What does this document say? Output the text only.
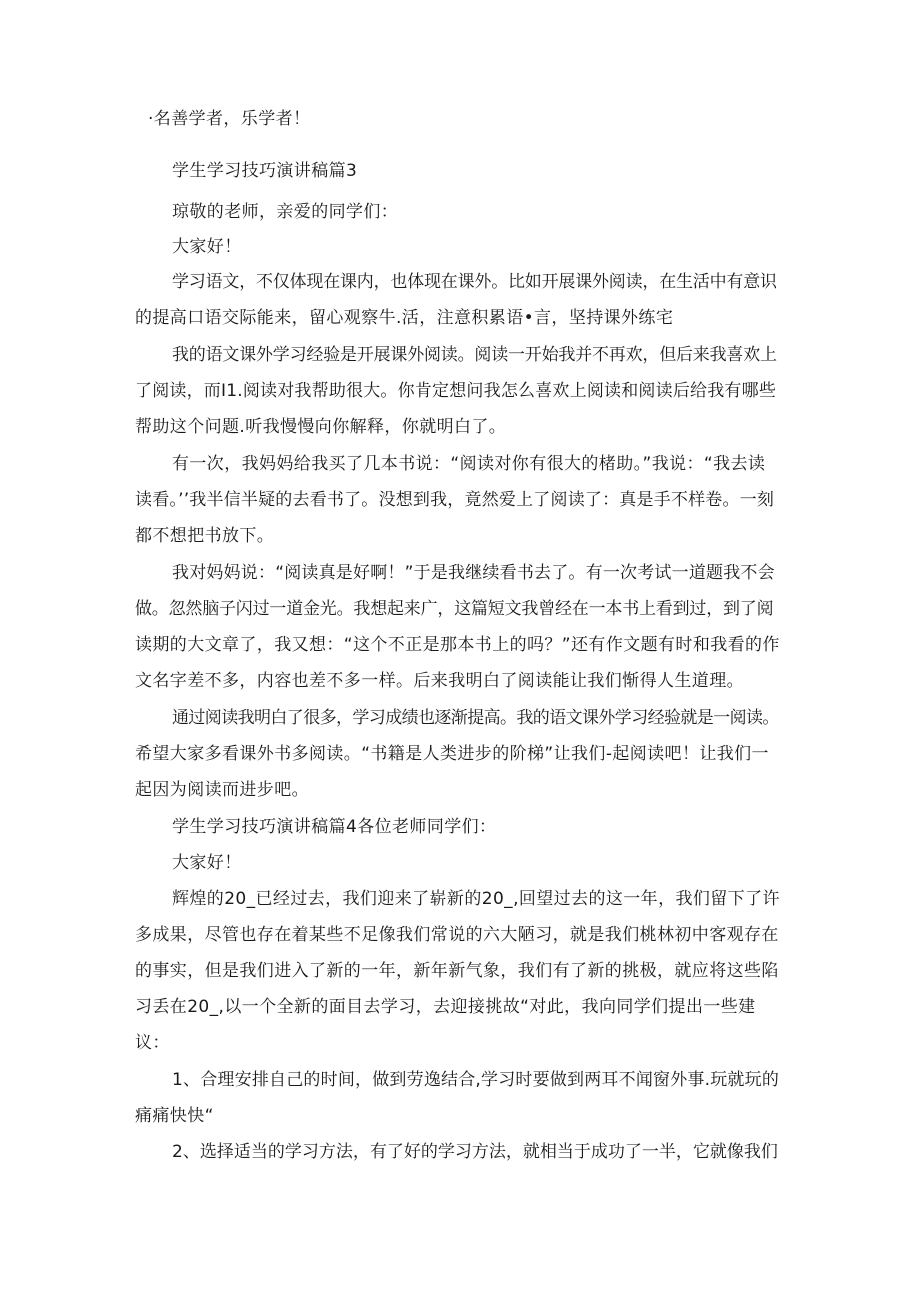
·名善学者，乐学者！
学生学习技巧演讲稿篇3
琼敬的老师，亲爱的同学们：
大家好！
学习语文，不仅体现在课内，也体现在课外。比如开展课外阅读，在生活中有意识
的提高口语交际能来，留心观察牛.活，注意积累语•言，坚持课外练宅
我的语文课外学习经验是开展课外阅读。阅读一开始我并不再欢，但后来我喜欢上
了阅读，而I1.阅读对我帮助很大。你肯定想问我怎么喜欢上阅读和阅读后给我有哪些
帮助这个问题.听我慢慢向你解释，你就明白了。
有一次，我妈妈给我买了几本书说：“阅读对你有很大的楮助。”我说：“我去读
读看。’’我半信半疑的去看书了。没想到我，竟然爱上了阅读了：真是手不样卷。一刻
都不想把书放下。
我对妈妈说：“阅读真是好啊！”于是我继续看书去了。有一次考试一道题我不会
做。忽然脑子闪过一道金光。我想起来广，这篇短文我曾经在一本书上看到过，到了阅
读期的大文章了，我又想：“这个不正是那本书上的吗？”还有作文题有时和我看的作
文名字差不多，内容也差不多一样。后来我明白了阅读能让我们惭得人生道理。
通过阅读我明白了很多，学习成绩也逐渐提高。我的语文课外学习经验就是一阅读。
希望大家多看课外书多阅读。“书籍是人类进步的阶梯”让我们-起阅读吧！让我们一
起因为阅读而进步吧。
学生学习技巧演讲稿篇4各位老师同学们：
大家好！
辉煌的20_已经过去，我们迎来了崭新的20_,回望过去的这一年，我们留下了许
多成果，尽管也存在着某些不足像我们常说的六大陋习，就是我们桃林初中客观存在
的事实，但是我们进入了新的一年，新年新气象，我们有了新的挑极，就应将这些陷
习丢在20_,以一个全新的面目去学习，去迎接挑故“对此，我向同学们提出一些建
议：
1、合理安排自己的时间，做到劳逸结合,学习时要做到两耳不闻窗外事.玩就玩的
痛痛快快“
2、选择适当的学习方法，有了好的学习方法，就相当于成功了一半，它就像我们
